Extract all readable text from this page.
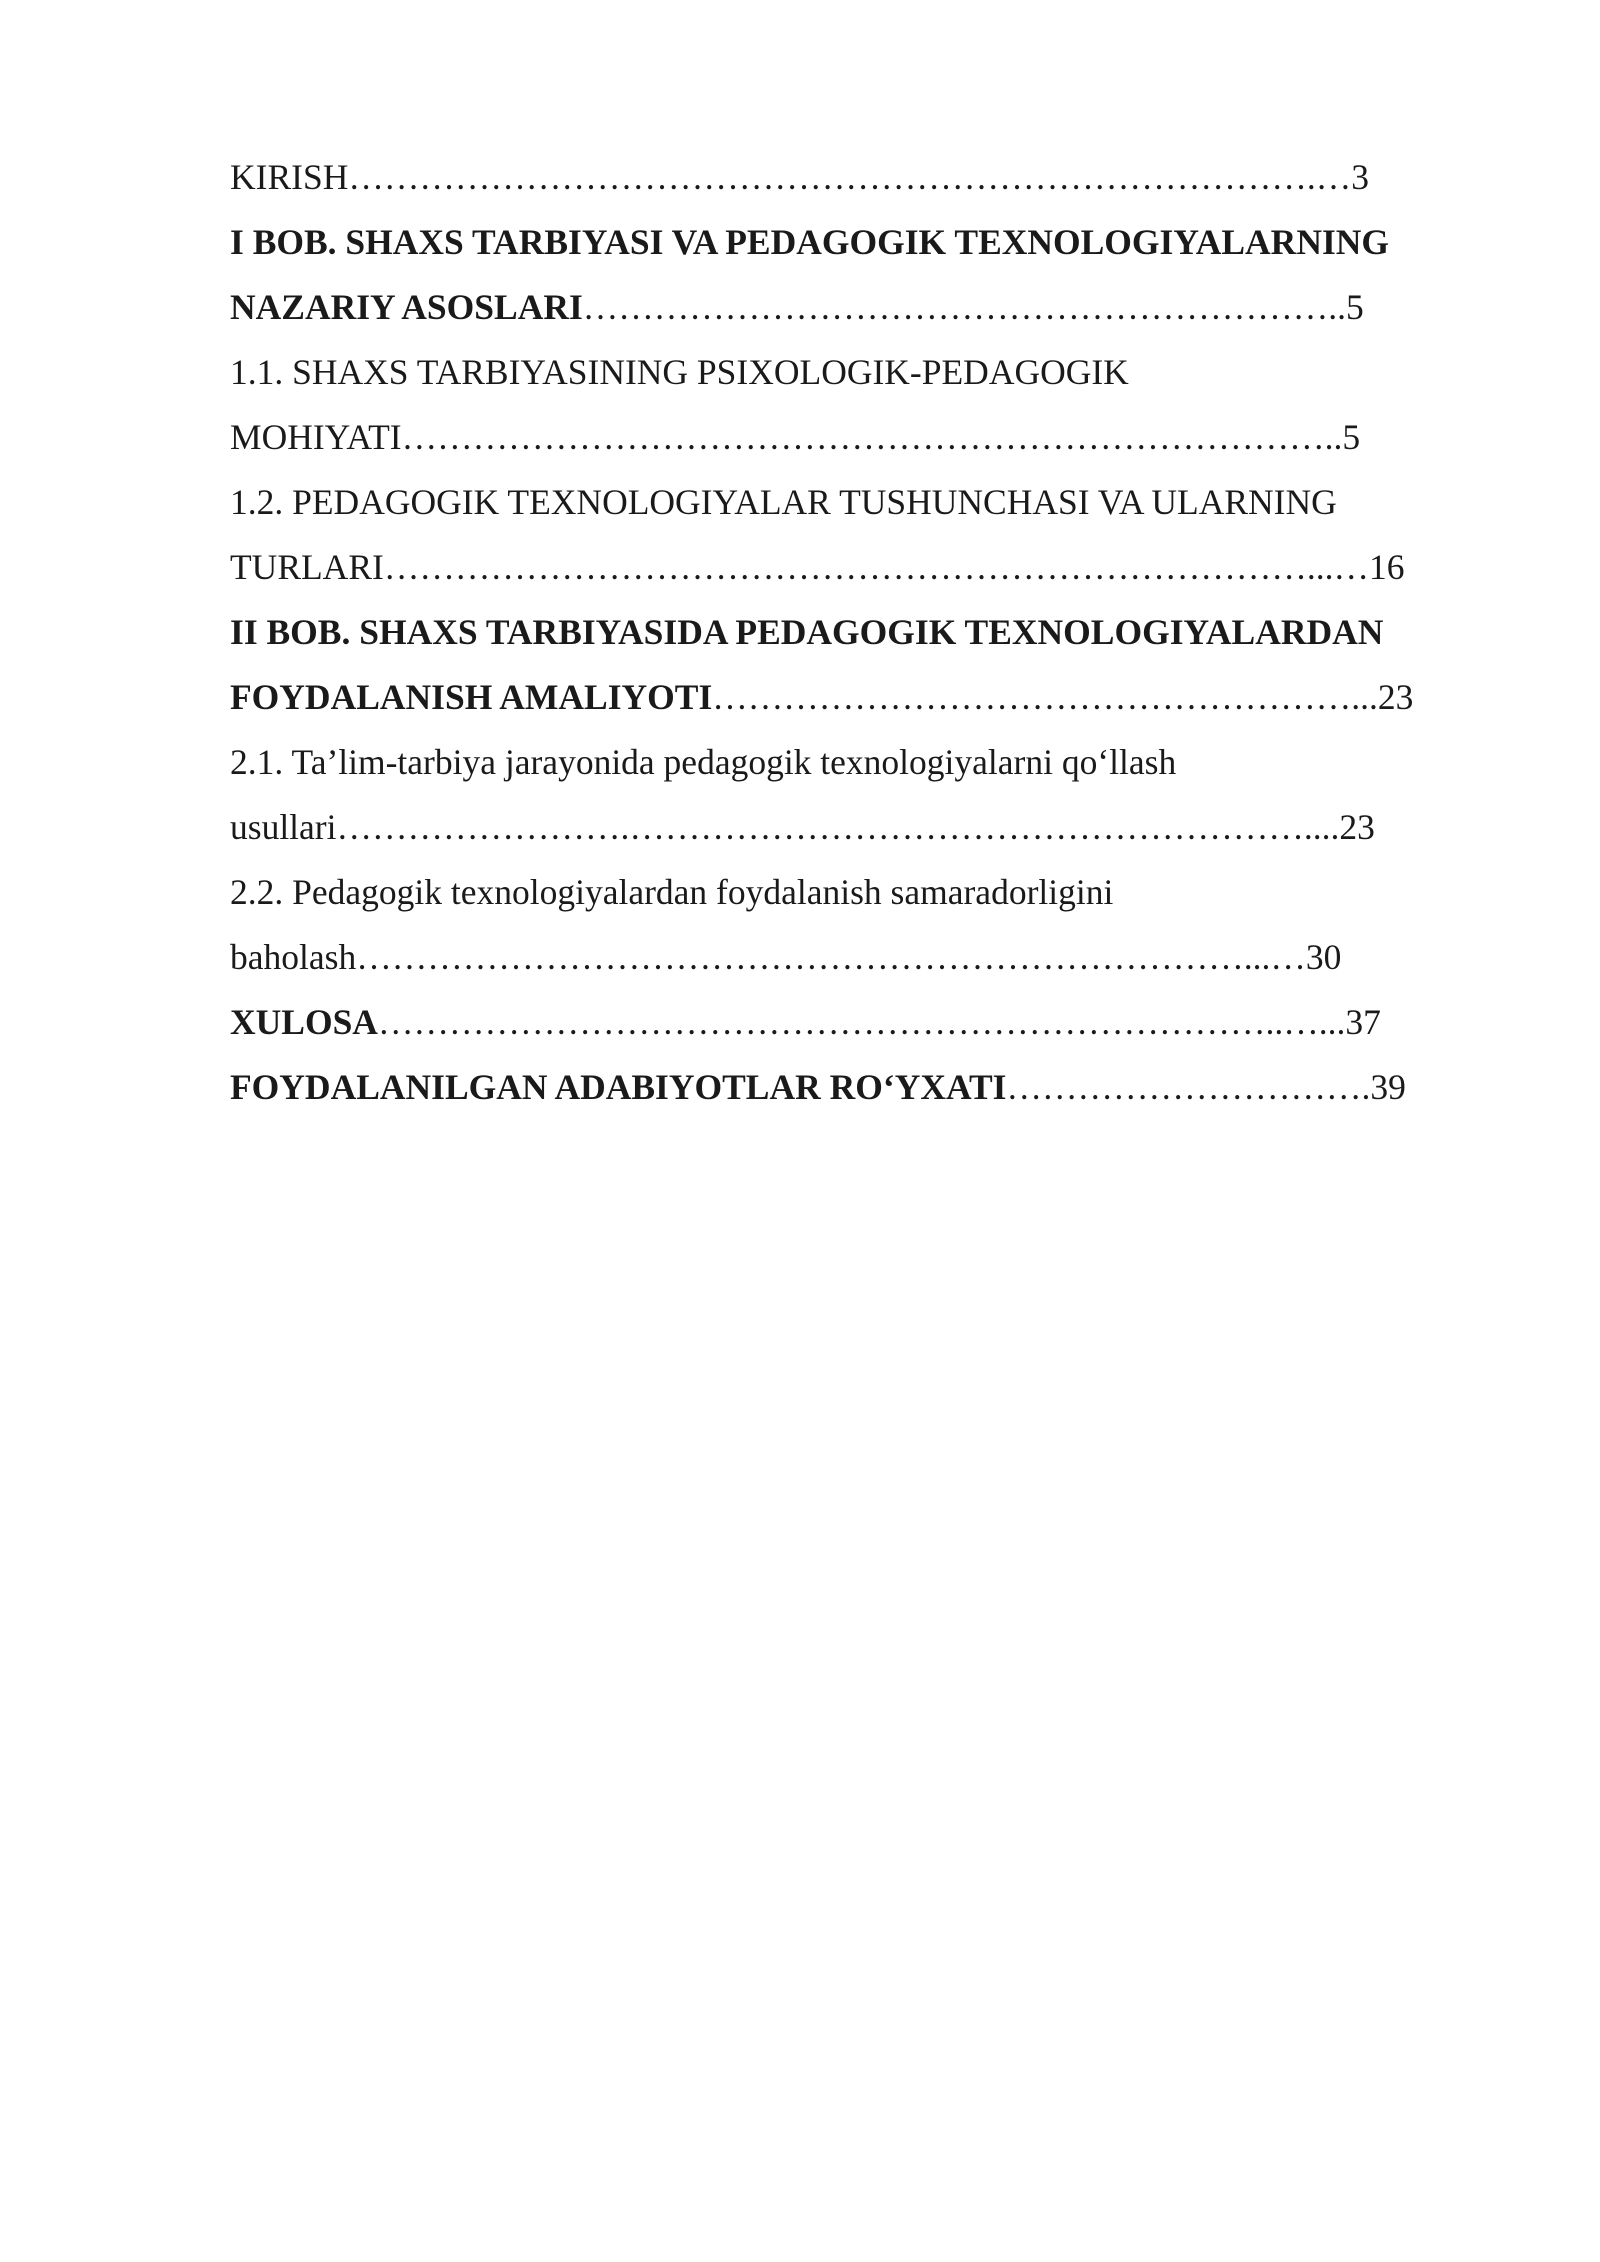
KIRISH……………………………………………………………………….…3
I BOB. SHAXS TARBIYASI VA PEDAGOGIK TEXNOLOGIYALARNING
NAZARIY ASOSLARI………………………………………………………..5
1.1. SHAXS TARBIYASINING PSIXOLOGIK-PEDAGOGIK
MOHIYATI……………………………………………………………………..5
1.2. PEDAGOGIK TEXNOLOGIYALAR TUSHUNCHASI VA ULARNING
TURLARI……………………………………………………………………...…16
II BOB. SHAXS TARBIYASIDA PEDAGOGIK TEXNOLOGIYALARDAN
FOYDALANISH AMALIYOTI………………………………………………...23
2.1. Ta’lim-tarbiya jarayonida pedagogik texnologiyalarni qo‘llash
usullari…………………….…………………………………………………....23
2.2. Pedagogik texnologiyalardan foydalanish samaradorligini
baholash…………………………………………………………………...…30
XULOSA…………………………………………………………………..…...37
FOYDALANILGAN ADABIYOTLAR RO‘YXATI………………………….39
